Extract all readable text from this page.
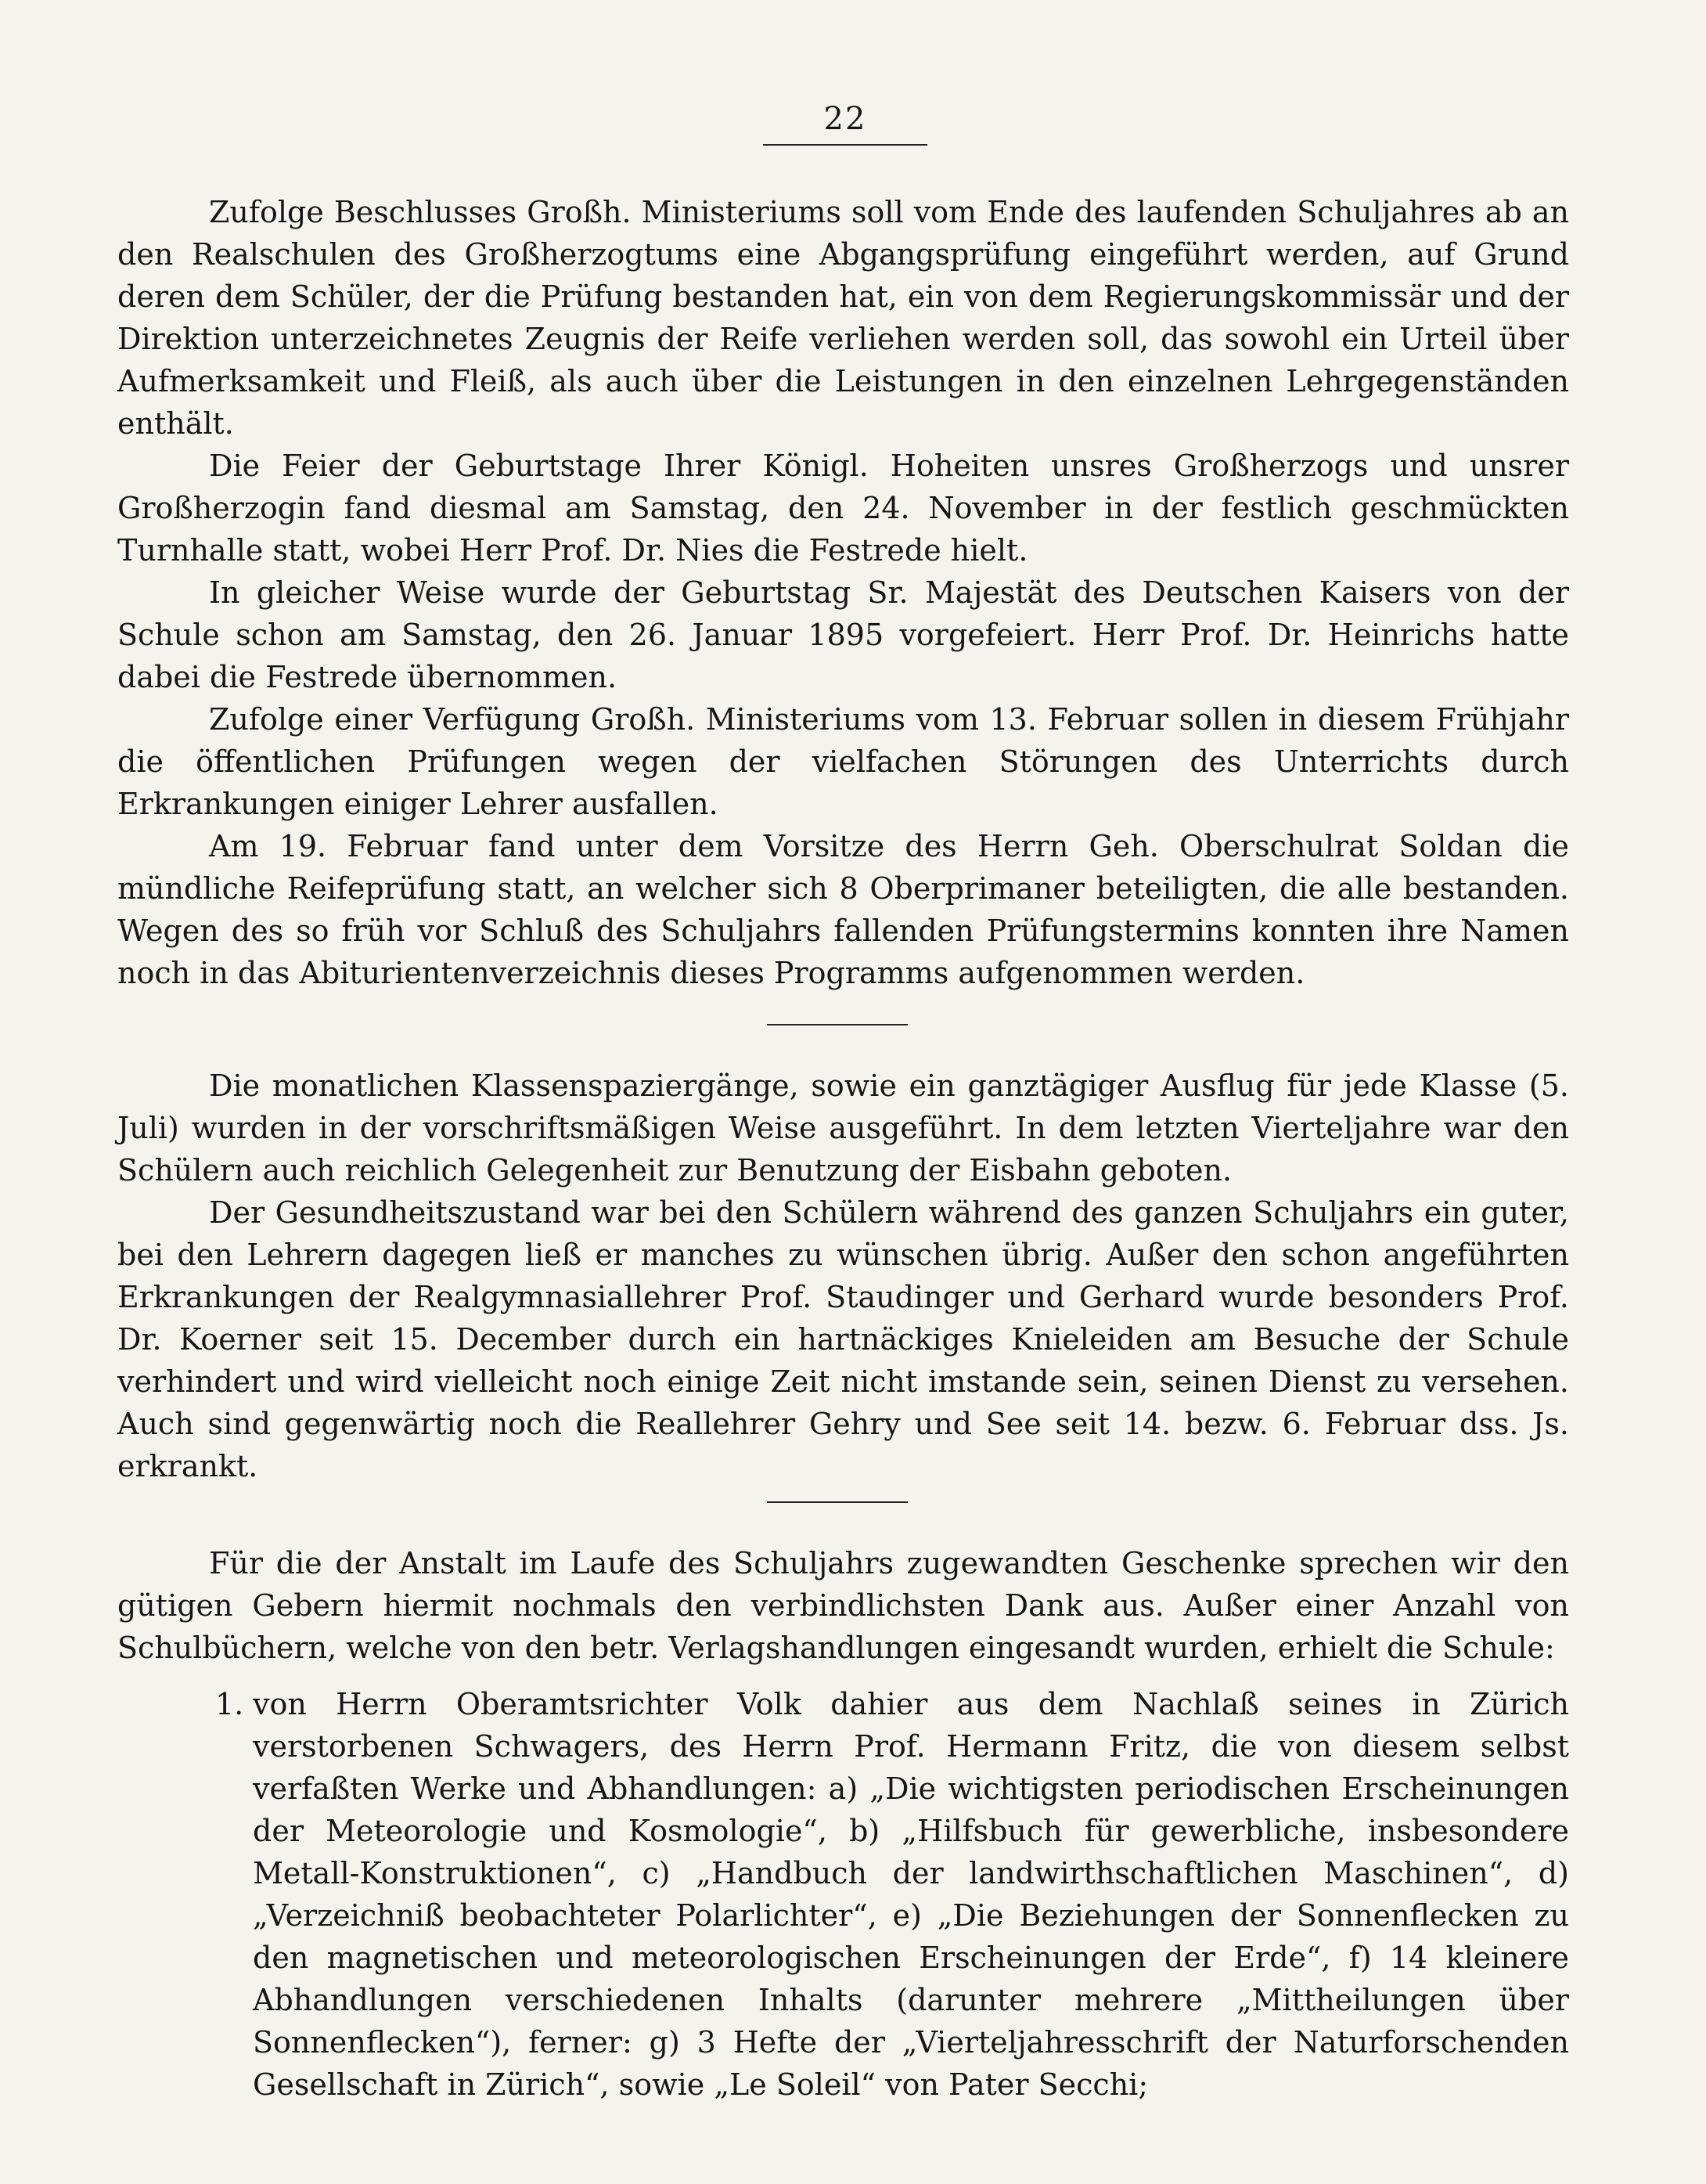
22

Zufolge Beschlusses Großh. Ministeriums soll vom Ende des laufenden Schuljahres ab an den Realschulen des Großherzogtums eine Abgangsprüfung eingeführt werden, auf Grund deren dem Schüler, der die Prüfung bestanden hat, ein von dem Regierungskommissär und der Direktion unterzeichnetes Zeugnis der Reife verliehen werden soll, das sowohl ein Urteil über Aufmerksamkeit und Fleiß, als auch über die Leistungen in den einzelnen Lehrgegenständen enthält.

Die Feier der Geburtstage Ihrer Königl. Hoheiten unsres Großherzogs und unsrer Großherzogin fand diesmal am Samstag, den 24. November in der festlich geschmückten Turnhalle statt, wobei Herr Prof. Dr. Nies die Festrede hielt.

In gleicher Weise wurde der Geburtstag Sr. Majestät des Deutschen Kaisers von der Schule schon am Samstag, den 26. Januar 1895 vorgefeiert. Herr Prof. Dr. Heinrichs hatte dabei die Festrede übernommen.

Zufolge einer Verfügung Großh. Ministeriums vom 13. Februar sollen in diesem Frühjahr die öffentlichen Prüfungen wegen der vielfachen Störungen des Unterrichts durch Erkrankungen einiger Lehrer ausfallen.

Am 19. Februar fand unter dem Vorsitze des Herrn Geh. Oberschulrat Soldan die mündliche Reifeprüfung statt, an welcher sich 8 Oberprimaner beteiligten, die alle bestanden. Wegen des so früh vor Schluß des Schuljahrs fallenden Prüfungstermins konnten ihre Namen noch in das Abiturientenverzeichnis dieses Programms aufgenommen werden.

Die monatlichen Klassenspaziergänge, sowie ein ganztägiger Ausflug für jede Klasse (5. Juli) wurden in der vorschriftsmäßigen Weise ausgeführt. In dem letzten Vierteljahre war den Schülern auch reichlich Gelegenheit zur Benutzung der Eisbahn geboten.

Der Gesundheitszustand war bei den Schülern während des ganzen Schuljahrs ein guter, bei den Lehrern dagegen ließ er manches zu wünschen übrig. Außer den schon angeführten Erkrankungen der Realgymnasiallehrer Prof. Staudinger und Gerhard wurde besonders Prof. Dr. Koerner seit 15. December durch ein hartnäckiges Knieleiden am Besuche der Schule verhindert und wird vielleicht noch einige Zeit nicht imstande sein, seinen Dienst zu versehen. Auch sind gegenwärtig noch die Reallehrer Gehry und See seit 14. bezw. 6. Februar dss. Js. erkrankt.

Für die der Anstalt im Laufe des Schuljahrs zugewandten Geschenke sprechen wir den gütigen Gebern hiermit nochmals den verbindlichsten Dank aus. Außer einer Anzahl von Schulbüchern, welche von den betr. Verlagshandlungen eingesandt wurden, erhielt die Schule:

1. von Herrn Oberamtsrichter Volk dahier aus dem Nachlaß seines in Zürich verstorbenen Schwagers, des Herrn Prof. Hermann Fritz, die von diesem selbst verfaßten Werke und Abhandlungen: a) „Die wichtigsten periodischen Erscheinungen der Meteorologie und Kosmologie“, b) „Hilfsbuch für gewerbliche, insbesondere Metall-Konstruktionen“, c) „Handbuch der landwirthschaftlichen Maschinen“, d) „Verzeichniß beobachteter Polarlichter“, e) „Die Beziehungen der Sonnenflecken zu den magnetischen und meteorologischen Erscheinungen der Erde“, f) 14 kleinere Abhandlungen verschiedenen Inhalts (darunter mehrere „Mittheilungen über Sonnenflecken“), ferner: g) 3 Hefte der „Vierteljahresschrift der Naturforschenden Gesellschaft in Zürich“, sowie „Le Soleil“ von Pater Secchi;
